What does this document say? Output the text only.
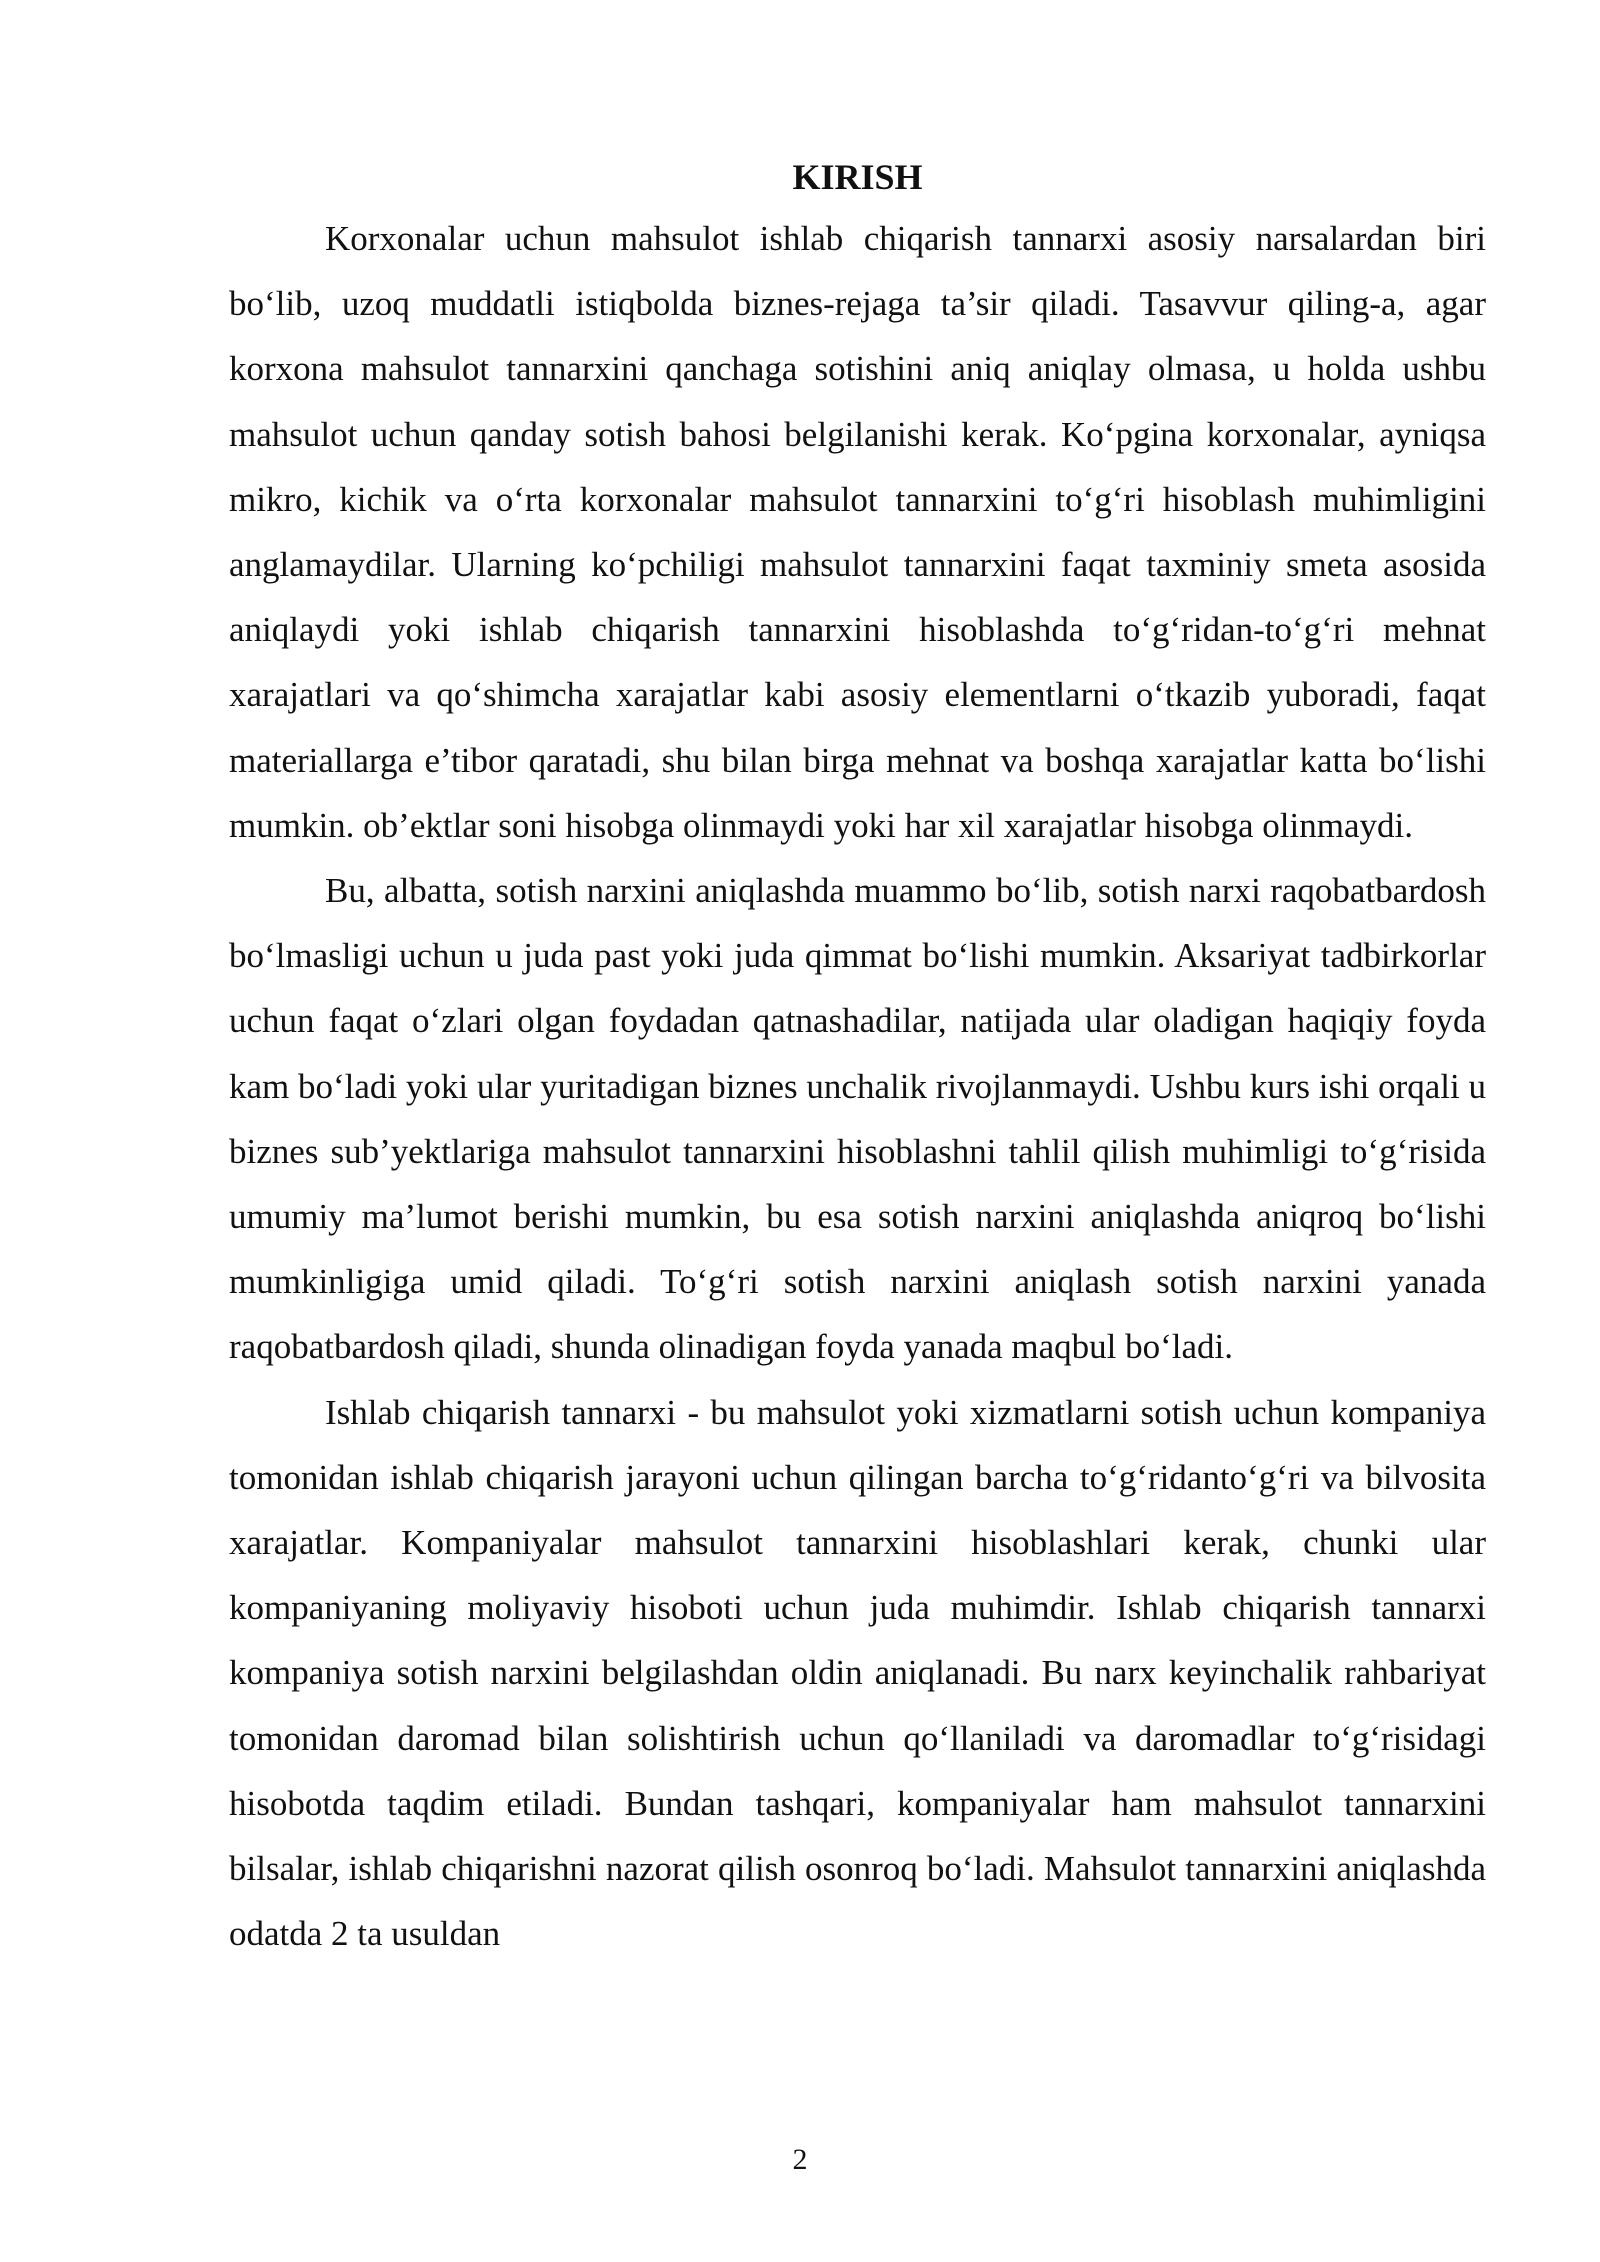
KIRISH

Korxonalar uchun mahsulot ishlab chiqarish tannarxi asosiy narsalardan biri bo‘lib, uzoq muddatli istiqbolda biznes-rejaga ta’sir qiladi. Tasavvur qiling-a, agar korxona mahsulot tannarxini qanchaga sotishini aniq aniqlay olmasa, u holda ushbu mahsulot uchun qanday sotish bahosi belgilanishi kerak. Ko‘pgina korxonalar, ayniqsa mikro, kichik va o‘rta korxonalar mahsulot tannarxini to‘g‘ri hisoblash muhimligini anglamaydilar. Ularning ko‘pchiligi mahsulot tannarxini faqat taxminiy smeta asosida aniqlaydi yoki ishlab chiqarish tannarxini hisoblashda to‘g‘ridan-to‘g‘ri mehnat xarajatlari va qo‘shimcha xarajatlar kabi asosiy elementlarni o‘tkazib yuboradi, faqat materiallarga e’tibor qaratadi, shu bilan birga mehnat va boshqa xarajatlar katta bo‘lishi mumkin. ob’ektlar soni hisobga olinmaydi yoki har xil xarajatlar hisobga olinmaydi.

Bu, albatta, sotish narxini aniqlashda muammo bo‘lib, sotish narxi raqobatbardosh bo‘lmasligi uchun u juda past yoki juda qimmat bo‘lishi mumkin. Aksariyat tadbirkorlar uchun faqat o‘zlari olgan foydadan qatnashadilar, natijada ular oladigan haqiqiy foyda kam bo‘ladi yoki ular yuritadigan biznes unchalik rivojlanmaydi. Ushbu kurs ishi orqali u biznes sub’yektlariga mahsulot tannarxini hisoblashni tahlil qilish muhimligi to‘g‘risida umumiy ma’lumot berishi mumkin, bu esa sotish narxini aniqlashda aniqroq bo‘lishi mumkinligiga umid qiladi. To‘g‘ri sotish narxini aniqlash sotish narxini yanada raqobatbardosh qiladi, shunda olinadigan foyda yanada maqbul bo‘ladi.

Ishlab chiqarish tannarxi - bu mahsulot yoki xizmatlarni sotish uchun kompaniya tomonidan ishlab chiqarish jarayoni uchun qilingan barcha to‘g‘ridanto‘g‘ri va bilvosita xarajatlar. Kompaniyalar mahsulot tannarxini hisoblashlari kerak, chunki ular kompaniyaning moliyaviy hisoboti uchun juda muhimdir. Ishlab chiqarish tannarxi kompaniya sotish narxini belgilashdan oldin aniqlanadi. Bu narx keyinchalik rahbariyat tomonidan daromad bilan solishtirish uchun qo‘llaniladi va daromadlar to‘g‘risidagi hisobotda taqdim etiladi. Bundan tashqari, kompaniyalar ham mahsulot tannarxini bilsalar, ishlab chiqarishni nazorat qilish osonroq bo‘ladi. Mahsulot tannarxini aniqlashda odatda 2 ta usuldan

2
